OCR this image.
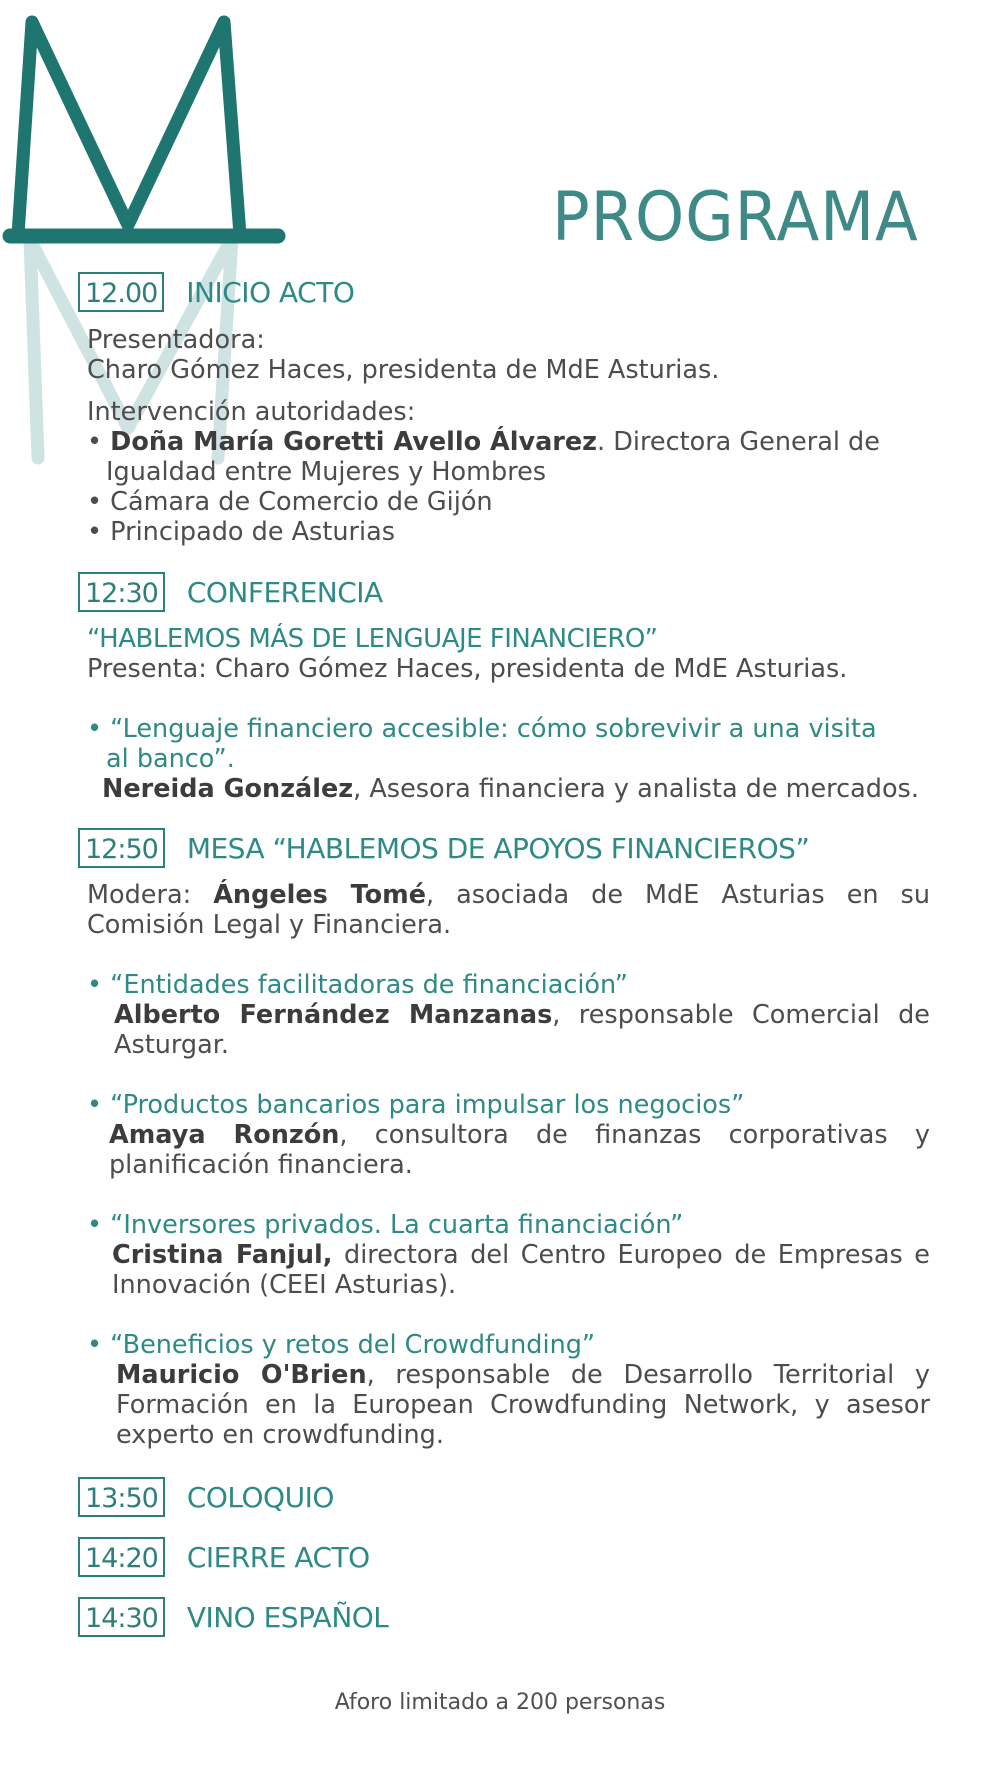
PROGRAMA
12.00 INICIO ACTO

Presentadora:

Charo Gómez Haces, presidenta de MdE Asturias.

Intervención autoridades:

• Doña María Goretti Avello Álvarez. Directora General de

Igualdad entre Mujeres y Hombres

• Cámara de Comercio de Gijón

• Principado de Asturias

12:30 CONFERENCIA

“HABLEMOS MÁS DE LENGUAJE FINANCIERO”

Presenta: Charo Gómez Haces, presidenta de MdE Asturias.

• “Lenguaje financiero accesible: cómo sobrevivir a una visita

al banco”.

Nereida González, Asesora financiera y analista de mercados.

12:50 MESA “HABLEMOS DE APOYOS FINANCIEROS”

Modera: Ángeles Tomé, asociada de MdE Asturias en su Comisión Legal y Financiera.

• “Entidades facilitadoras de financiación”

Alberto Fernández Manzanas, responsable Comercial de Asturgar.

• “Productos bancarios para impulsar los negocios”

Amaya Ronzón, consultora de finanzas corporativas y planificación financiera.

• “Inversores privados. La cuarta financiación”

Cristina Fanjul, directora del Centro Europeo de Empresas e Innovación (CEEI Asturias).

• “Beneficios y retos del Crowdfunding”

Mauricio O'Brien, responsable de Desarrollo Territorial y Formación en la European Crowdfunding Network, y asesor experto en crowdfunding.

13:50 COLOQUIO
14:20 CIERRE ACTO
14:30 VINO ESPAÑOL
Aforo limitado a 200 personas
